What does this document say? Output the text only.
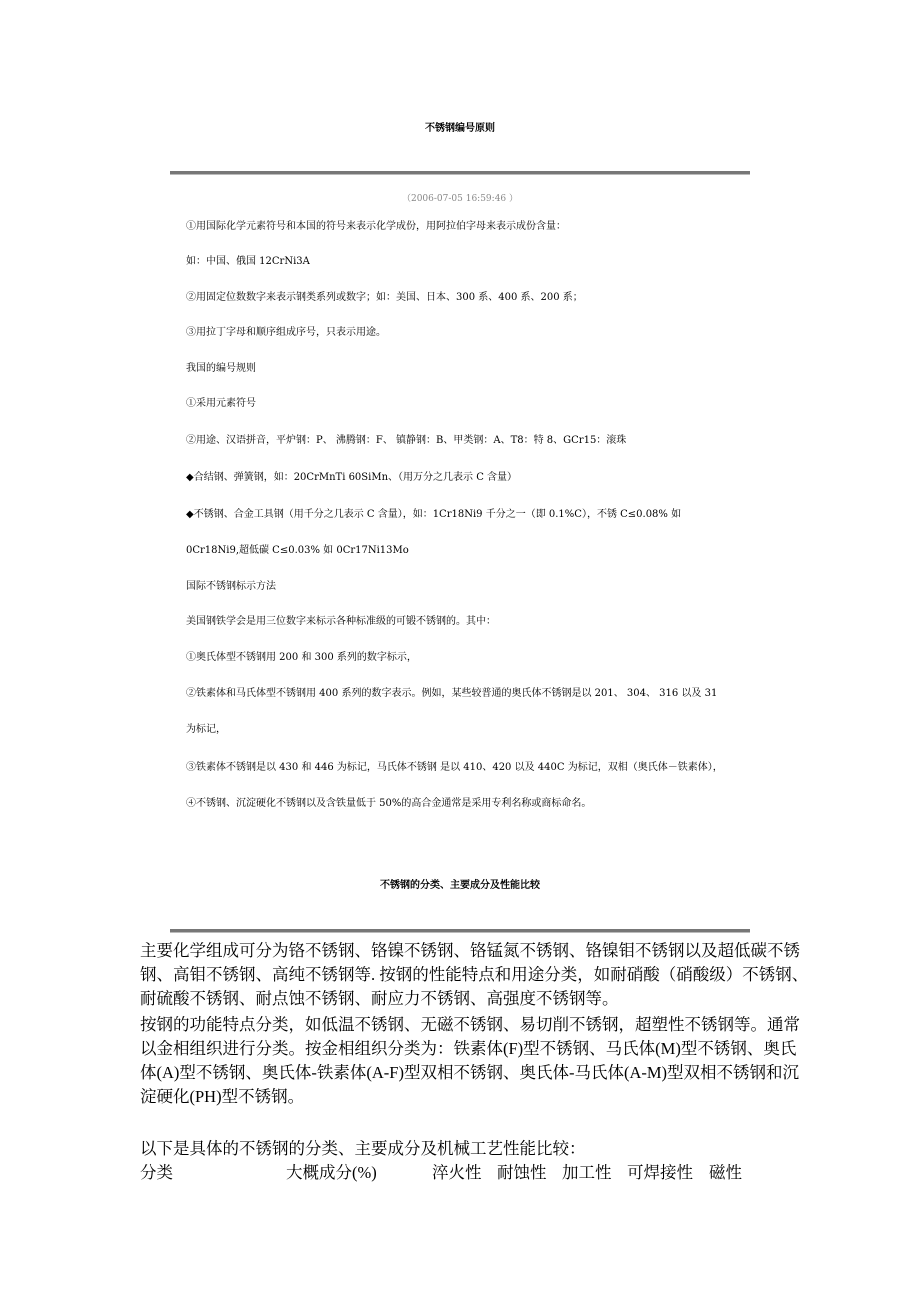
不锈钢编号原则
（2006-07-05 16:59:46 ）
①用国际化学元素符号和本国的符号来表示化学成份，用阿拉伯字母来表示成份含量：
如：中国、俄国 12CrNi3A
②用固定位数数字来表示钢类系列或数字；如：美国、日本、300 系、400 系、200 系；
③用拉丁字母和顺序组成序号，只表示用途。
我国的编号规则
①采用元素符号
②用途、汉语拼音，平炉钢：P、 沸腾钢：F、 镇静钢：B、甲类钢：A、T8：特 8、GCr15：滚珠
◆合结钢、弹簧钢，如：20CrMnTi 60SiMn、（用万分之几表示 C 含量）
◆不锈钢、合金工具钢（用千分之几表示 C 含量），如：1Cr18Ni9 千分之一（即 0.1%C），不锈 C≤0.08% 如
0Cr18Ni9,超低碳 C≤0.03% 如 0Cr17Ni13Mo
国际不锈钢标示方法
美国钢铁学会是用三位数字来标示各种标准级的可锻不锈钢的。其中：
①奥氏体型不锈钢用 200 和 300 系列的数字标示，
②铁素体和马氏体型不锈钢用 400 系列的数字表示。例如，某些较普通的奥氏体不锈钢是以 201、 304、 316 以及 31
为标记，
③铁素体不锈钢是以 430 和 446 为标记，马氏体不锈钢 是以 410、420 以及 440C 为标记，双相（奥氏体－铁素体），
④不锈钢、沉淀硬化不锈钢以及含铁量低于 50%的高合金通常是采用专利名称或商标命名。
不锈钢的分类、主要成分及性能比较
主要化学组成可分为铬不锈钢、铬镍不锈钢、铬锰氮不锈钢、铬镍钼不锈钢以及超低碳不锈
钢、高钼不锈钢、高纯不锈钢等. 按钢的性能特点和用途分类，如耐硝酸（硝酸级）不锈钢、
耐硫酸不锈钢、耐点蚀不锈钢、耐应力不锈钢、高强度不锈钢等。
按钢的功能特点分类，如低温不锈钢、无磁不锈钢、易切削不锈钢，超塑性不锈钢等。通常
以金相组织进行分类。按金相组织分类为：铁素体(F)型不锈钢、马氏体(M)型不锈钢、奥氏
体(A)型不锈钢、奥氏体-铁素体(A-F)型双相不锈钢、奥氏体-马氏体(A-M)型双相不锈钢和沉
淀硬化(PH)型不锈钢。
以下是具体的不锈钢的分类、主要成分及机械工艺性能比较：
分类	大概成分(%)	淬火性 耐蚀性 加工性 可焊接性 磁性
